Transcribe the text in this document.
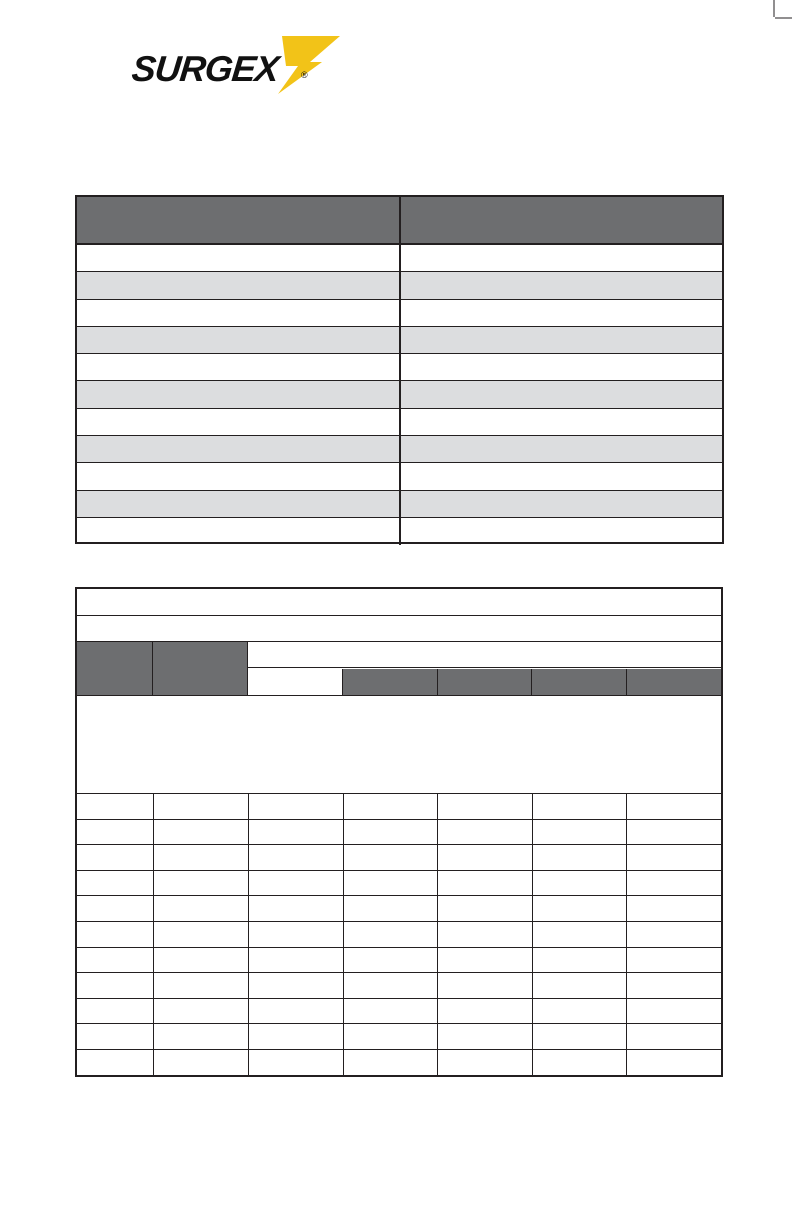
SURGEX ®
